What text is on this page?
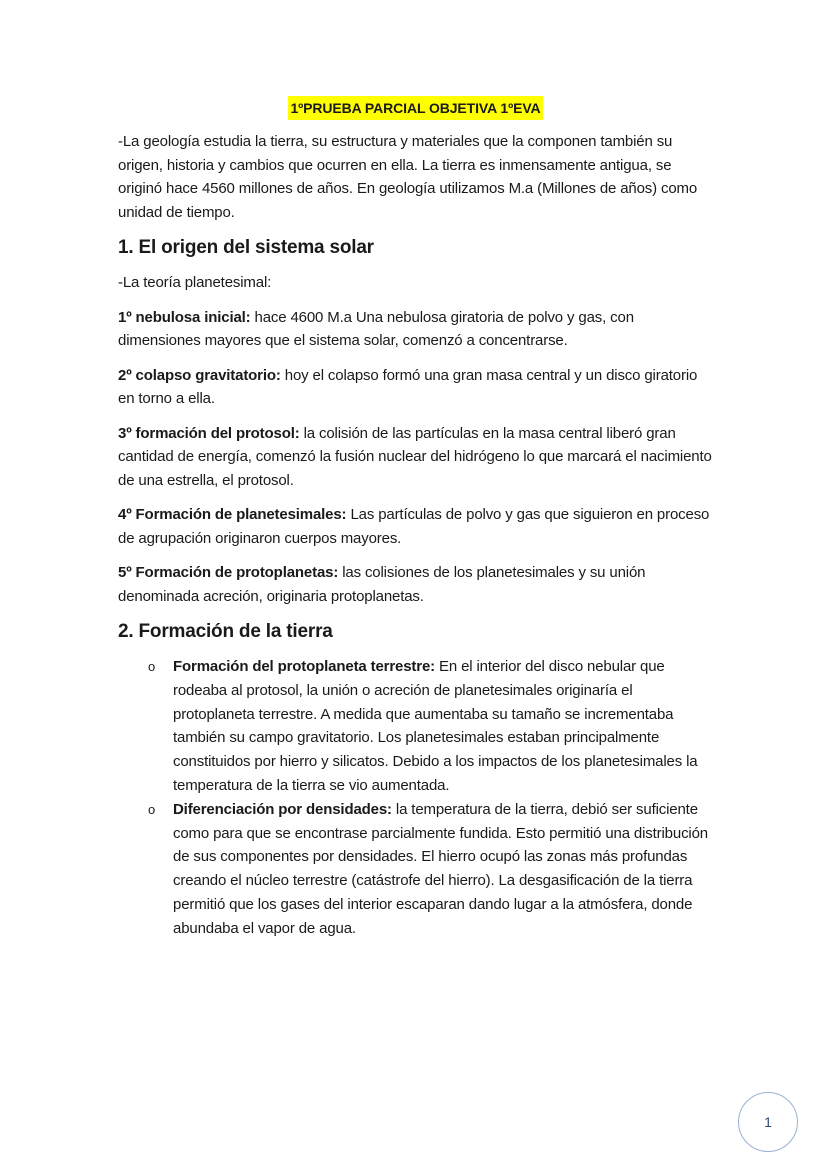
1ºPRUEBA PARCIAL OBJETIVA 1ºEVA

-La geología estudia la tierra, su estructura y materiales que la componen también su origen, historia y cambios que ocurren en ella. La tierra es inmensamente antigua, se originó hace 4560 millones de años. En geología utilizamos M.a (Millones de años) como unidad de tiempo.

1. El origen del sistema solar

-La teoría planetesimal:

1º nebulosa inicial: hace 4600 M.a Una nebulosa giratoria de polvo y gas, con dimensiones mayores que el sistema solar, comenzó a concentrarse.

2º colapso gravitatorio: hoy el colapso formó una gran masa central y un disco giratorio en torno a ella.

3º formación del protosol: la colisión de las partículas en la masa central liberó gran cantidad de energía, comenzó la fusión nuclear del hidrógeno lo que marcará el nacimiento de una estrella, el protosol.

4º Formación de planetesimales: Las partículas de polvo y gas que siguieron en proceso de agrupación originaron cuerpos mayores.

5º Formación de protoplanetas: las colisiones de los planetesimales y su unión denominada acreción, originaria protoplanetas.

2. Formación de la tierra
o Formación del protoplaneta terrestre: En el interior del disco nebular que rodeaba al protosol, la unión o acreción de planetesimales originaría el protoplaneta terrestre. A medida que aumentaba su tamaño se incrementaba también su campo gravitatorio. Los planetesimales estaban principalmente constituidos por hierro y silicatos. Debido a los impactos de los planetesimales la temperatura de la tierra se vio aumentada.
o Diferenciación por densidades: la temperatura de la tierra, debió ser suficiente como para que se encontrase parcialmente fundida. Esto permitió una distribución de sus componentes por densidades. El hierro ocupó las zonas más profundas creando el núcleo terrestre (catástrofe del hierro). La desgasificación de la tierra permitió que los gases del interior escaparan dando lugar a la atmósfera, donde abundaba el vapor de agua.
1
